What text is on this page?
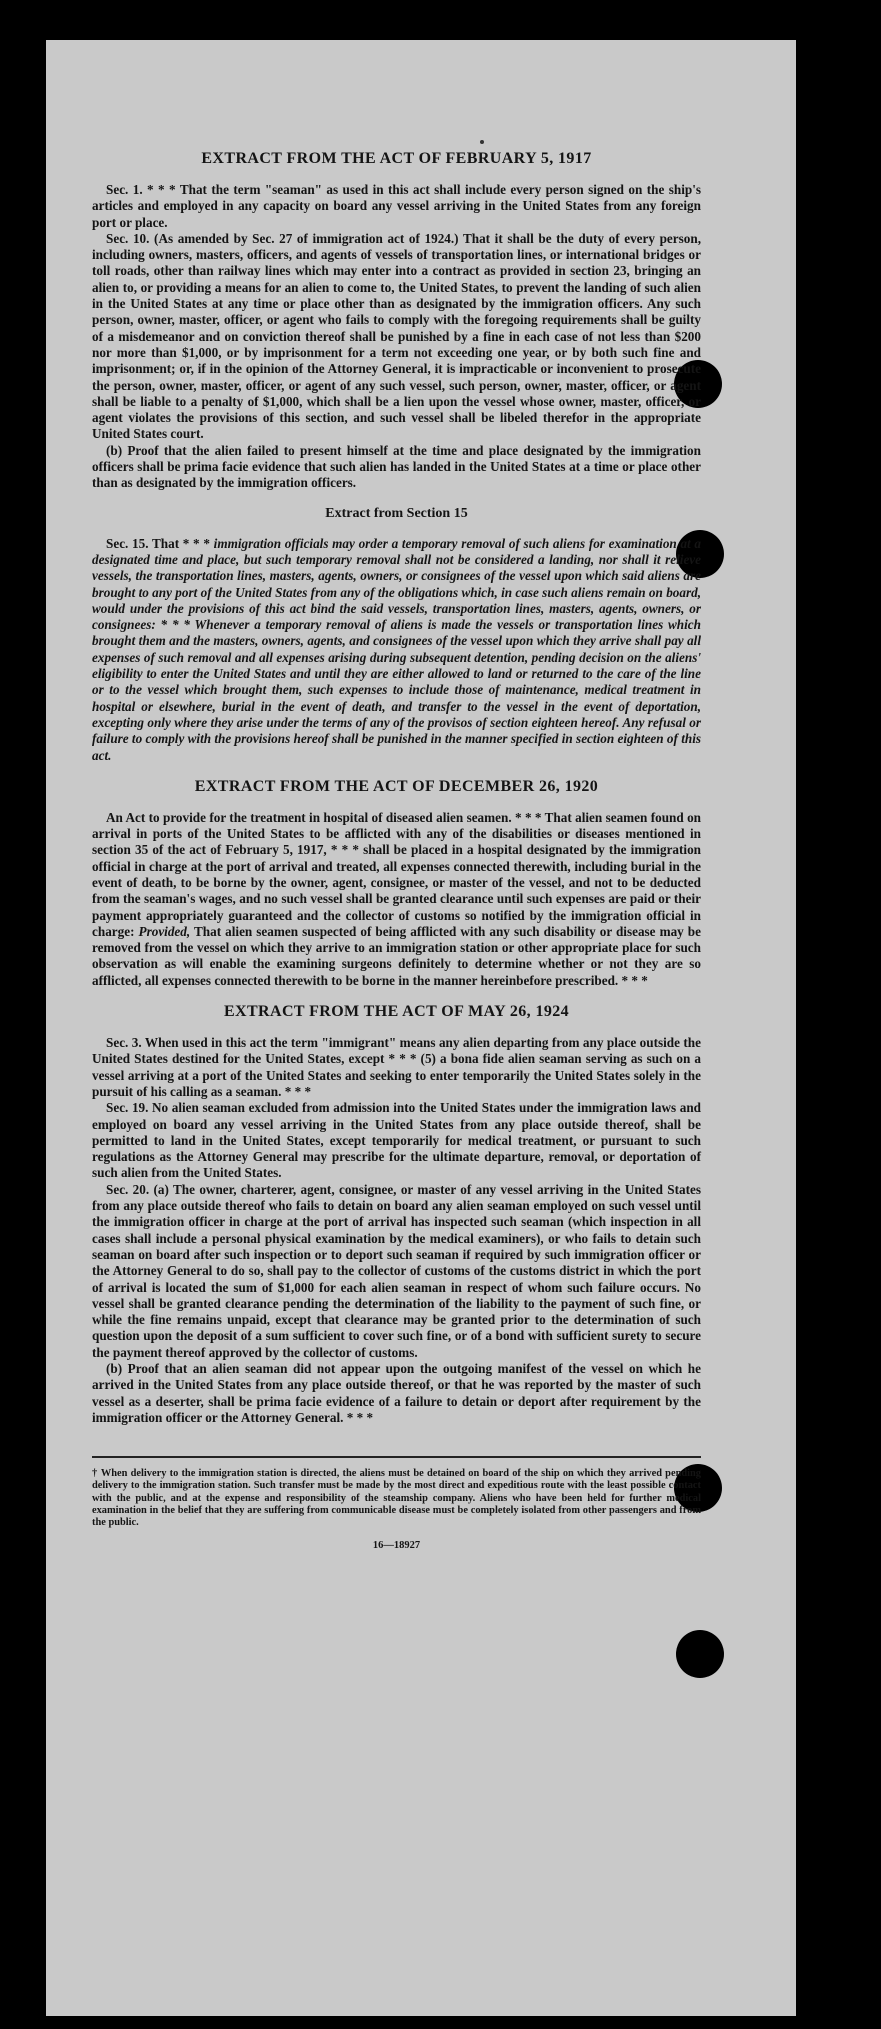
EXTRACT FROM THE ACT OF FEBRUARY 5, 1917

Sec. 1. * * * That the term "seaman" as used in this act shall include every person signed on the ship's articles and employed in any capacity on board any vessel arriving in the United States from any foreign port or place.

Sec. 10. (As amended by Sec. 27 of immigration act of 1924.) That it shall be the duty of every person, including owners, masters, officers, and agents of vessels of transportation lines, or international bridges or toll roads, other than railway lines which may enter into a contract as provided in section 23, bringing an alien to, or providing a means for an alien to come to, the United States, to prevent the landing of such alien in the United States at any time or place other than as designated by the immigration officers. Any such person, owner, master, officer, or agent who fails to comply with the foregoing requirements shall be guilty of a misdemeanor and on conviction thereof shall be punished by a fine in each case of not less than $200 nor more than $1,000, or by imprisonment for a term not exceeding one year, or by both such fine and imprisonment; or, if in the opinion of the Attorney General, it is impracticable or inconvenient to prosecute the person, owner, master, officer, or agent of any such vessel, such person, owner, master, officer, or agent shall be liable to a penalty of $1,000, which shall be a lien upon the vessel whose owner, master, officer, or agent violates the provisions of this section, and such vessel shall be libeled therefor in the appropriate United States court.

(b) Proof that the alien failed to present himself at the time and place designated by the immigration officers shall be prima facie evidence that such alien has landed in the United States at a time or place other than as designated by the immigration officers.

Extract from Section 15

Sec. 15. That * * * immigration officials may order a temporary removal of such aliens for examination at a designated time and place, but such temporary removal shall not be considered a landing, nor shall it relieve vessels, the transportation lines, masters, agents, owners, or consignees of the vessel upon which said aliens are brought to any port of the United States from any of the obligations which, in case such aliens remain on board, would under the provisions of this act bind the said vessels, transportation lines, masters, agents, owners, or consignees: * * * Whenever a temporary removal of aliens is made the vessels or transportation lines which brought them and the masters, owners, agents, and consignees of the vessel upon which they arrive shall pay all expenses of such removal and all expenses arising during subsequent detention, pending decision on the aliens' eligibility to enter the United States and until they are either allowed to land or returned to the care of the line or to the vessel which brought them, such expenses to include those of maintenance, medical treatment in hospital or elsewhere, burial in the event of death, and transfer to the vessel in the event of deportation, excepting only where they arise under the terms of any of the provisos of section eighteen hereof. Any refusal or failure to comply with the provisions hereof shall be punished in the manner specified in section eighteen of this act.

EXTRACT FROM THE ACT OF DECEMBER 26, 1920

An Act to provide for the treatment in hospital of diseased alien seamen. * * * That alien seamen found on arrival in ports of the United States to be afflicted with any of the disabilities or diseases mentioned in section 35 of the act of February 5, 1917, * * * shall be placed in a hospital designated by the immigration official in charge at the port of arrival and treated, all expenses connected therewith, including burial in the event of death, to be borne by the owner, agent, consignee, or master of the vessel, and not to be deducted from the seaman's wages, and no such vessel shall be granted clearance until such expenses are paid or their payment appropriately guaranteed and the collector of customs so notified by the immigration official in charge: Provided, That alien seamen suspected of being afflicted with any such disability or disease may be removed from the vessel on which they arrive to an immigration station or other appropriate place for such observation as will enable the examining surgeons definitely to determine whether or not they are so afflicted, all expenses connected therewith to be borne in the manner hereinbefore prescribed. * * *

EXTRACT FROM THE ACT OF MAY 26, 1924

Sec. 3. When used in this act the term "immigrant" means any alien departing from any place outside the United States destined for the United States, except * * * (5) a bona fide alien seaman serving as such on a vessel arriving at a port of the United States and seeking to enter temporarily the United States solely in the pursuit of his calling as a seaman. * * *

Sec. 19. No alien seaman excluded from admission into the United States under the immigration laws and employed on board any vessel arriving in the United States from any place outside thereof, shall be permitted to land in the United States, except temporarily for medical treatment, or pursuant to such regulations as the Attorney General may prescribe for the ultimate departure, removal, or deportation of such alien from the United States.

Sec. 20. (a) The owner, charterer, agent, consignee, or master of any vessel arriving in the United States from any place outside thereof who fails to detain on board any alien seaman employed on such vessel until the immigration officer in charge at the port of arrival has inspected such seaman (which inspection in all cases shall include a personal physical examination by the medical examiners), or who fails to detain such seaman on board after such inspection or to deport such seaman if required by such immigration officer or the Attorney General to do so, shall pay to the collector of customs of the customs district in which the port of arrival is located the sum of $1,000 for each alien seaman in respect of whom such failure occurs. No vessel shall be granted clearance pending the determination of the liability to the payment of such fine, or while the fine remains unpaid, except that clearance may be granted prior to the determination of such question upon the deposit of a sum sufficient to cover such fine, or of a bond with sufficient surety to secure the payment thereof approved by the collector of customs.

(b) Proof that an alien seaman did not appear upon the outgoing manifest of the vessel on which he arrived in the United States from any place outside thereof, or that he was reported by the master of such vessel as a deserter, shall be prima facie evidence of a failure to detain or deport after requirement by the immigration officer or the Attorney General. * * *

† When delivery to the immigration station is directed, the aliens must be detained on board of the ship on which they arrived pending delivery to the immigration station. Such transfer must be made by the most direct and expeditious route with the least possible contact with the public, and at the expense and responsibility of the steamship company. Aliens who have been held for further medical examination in the belief that they are suffering from communicable disease must be completely isolated from other passengers and from the public.

16—18927
